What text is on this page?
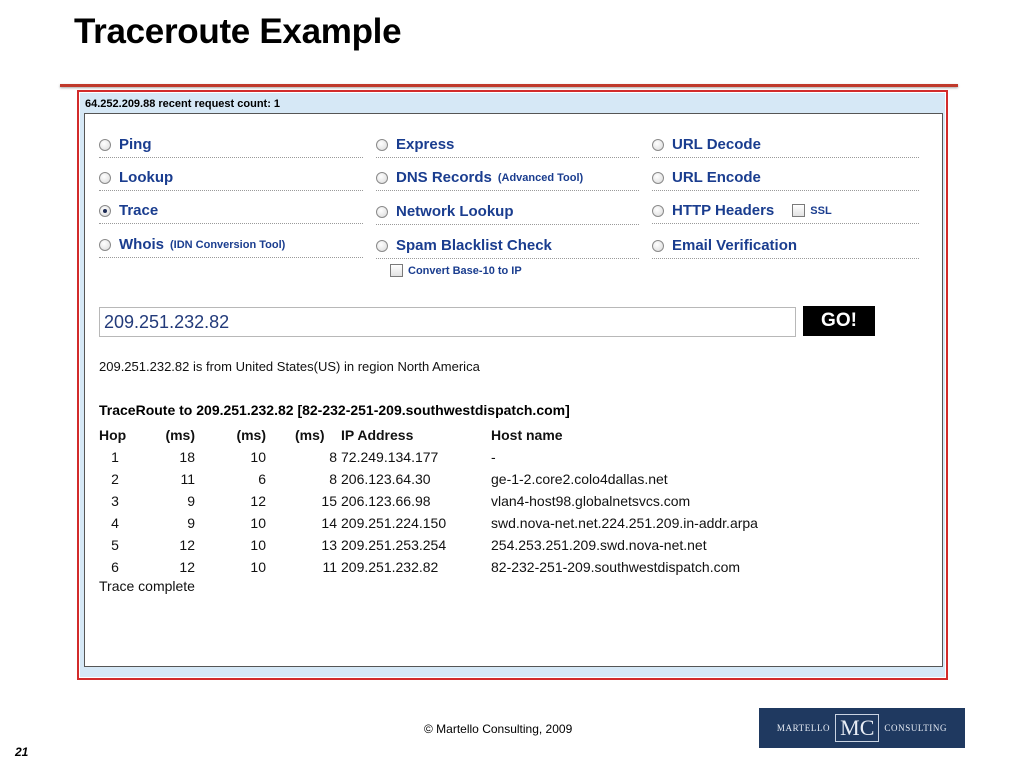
Traceroute Example
64.252.209.88 recent request count: 1
Ping
Lookup
Trace
Whois (IDN Conversion Tool)
Express
DNS Records (Advanced Tool)
Network Lookup
Spam Blacklist Check
Convert Base-10 to IP
URL Decode
URL Encode
HTTP Headers	SSL
Email Verification
209.251.232.82
GO!
209.251.232.82 is from United States(US) in region North America
TraceRoute to 209.251.232.82 [82-232-251-209.southwestdispatch.com]
Hop	(ms)	(ms)	(ms)	IP Address	Host name
1	18	10	8	72.249.134.177	-
2	11	6	8	206.123.64.30	ge-1-2.core2.colo4dallas.net
3	9	12	15	206.123.66.98	vlan4-host98.globalnetsvcs.com
4	9	10	14	209.251.224.150	swd.nova-net.net.224.251.209.in-addr.arpa
5	12	10	13	209.251.253.254	254.253.251.209.swd.nova-net.net
6	12	10	11	209.251.232.82	82-232-251-209.southwestdispatch.com
Trace complete
© Martello Consulting, 2009
21
MARTELLO MC	CONSULTING
